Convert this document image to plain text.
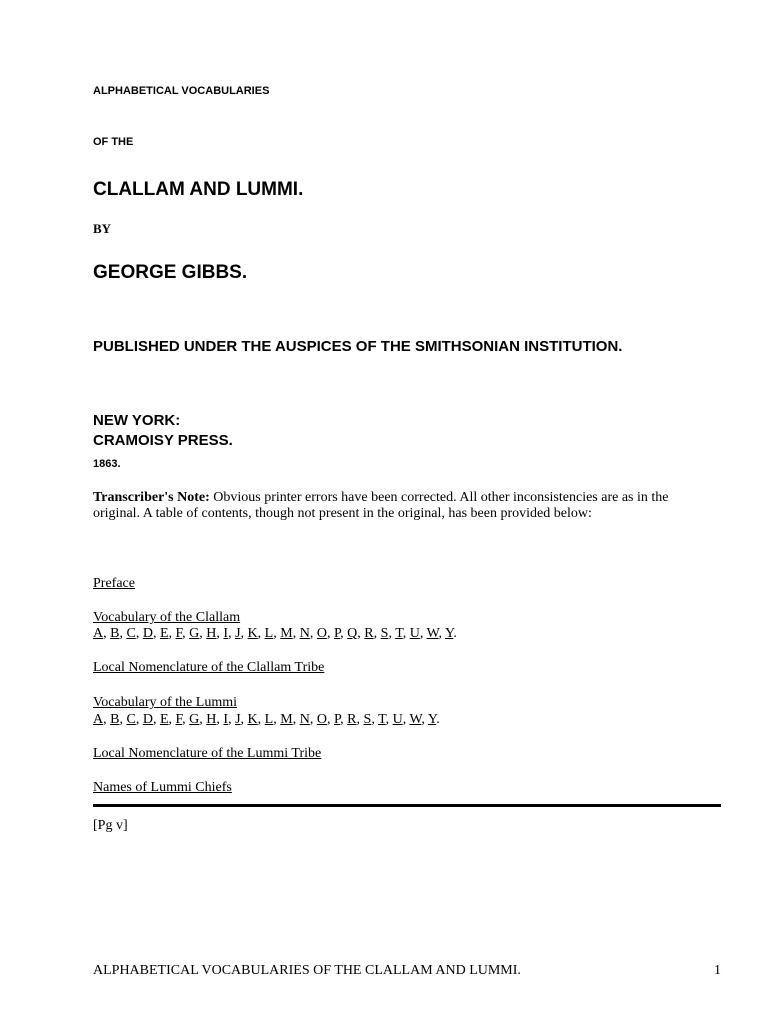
ALPHABETICAL VOCABULARIES
OF THE
CLALLAM AND LUMMI.
BY
GEORGE GIBBS.
PUBLISHED UNDER THE AUSPICES OF THE SMITHSONIAN INSTITUTION.
NEW YORK:
CRAMOISY PRESS.
1863.
Transcriber's Note: Obvious printer errors have been corrected. All other inconsistencies are as in the original. A table of contents, though not present in the original, has been provided below:
Preface
Vocabulary of the Clallam
A, B, C, D, E, F, G, H, I, J, K, L, M, N, O, P, Q, R, S, T, U, W, Y.
Local Nomenclature of the Clallam Tribe
Vocabulary of the Lummi
A, B, C, D, E, F, G, H, I, J, K, L, M, N, O, P, R, S, T, U, W, Y.
Local Nomenclature of the Lummi Tribe
Names of Lummi Chiefs
[Pg v]
ALPHABETICAL VOCABULARIES OF THE CLALLAM AND LUMMI.	1
